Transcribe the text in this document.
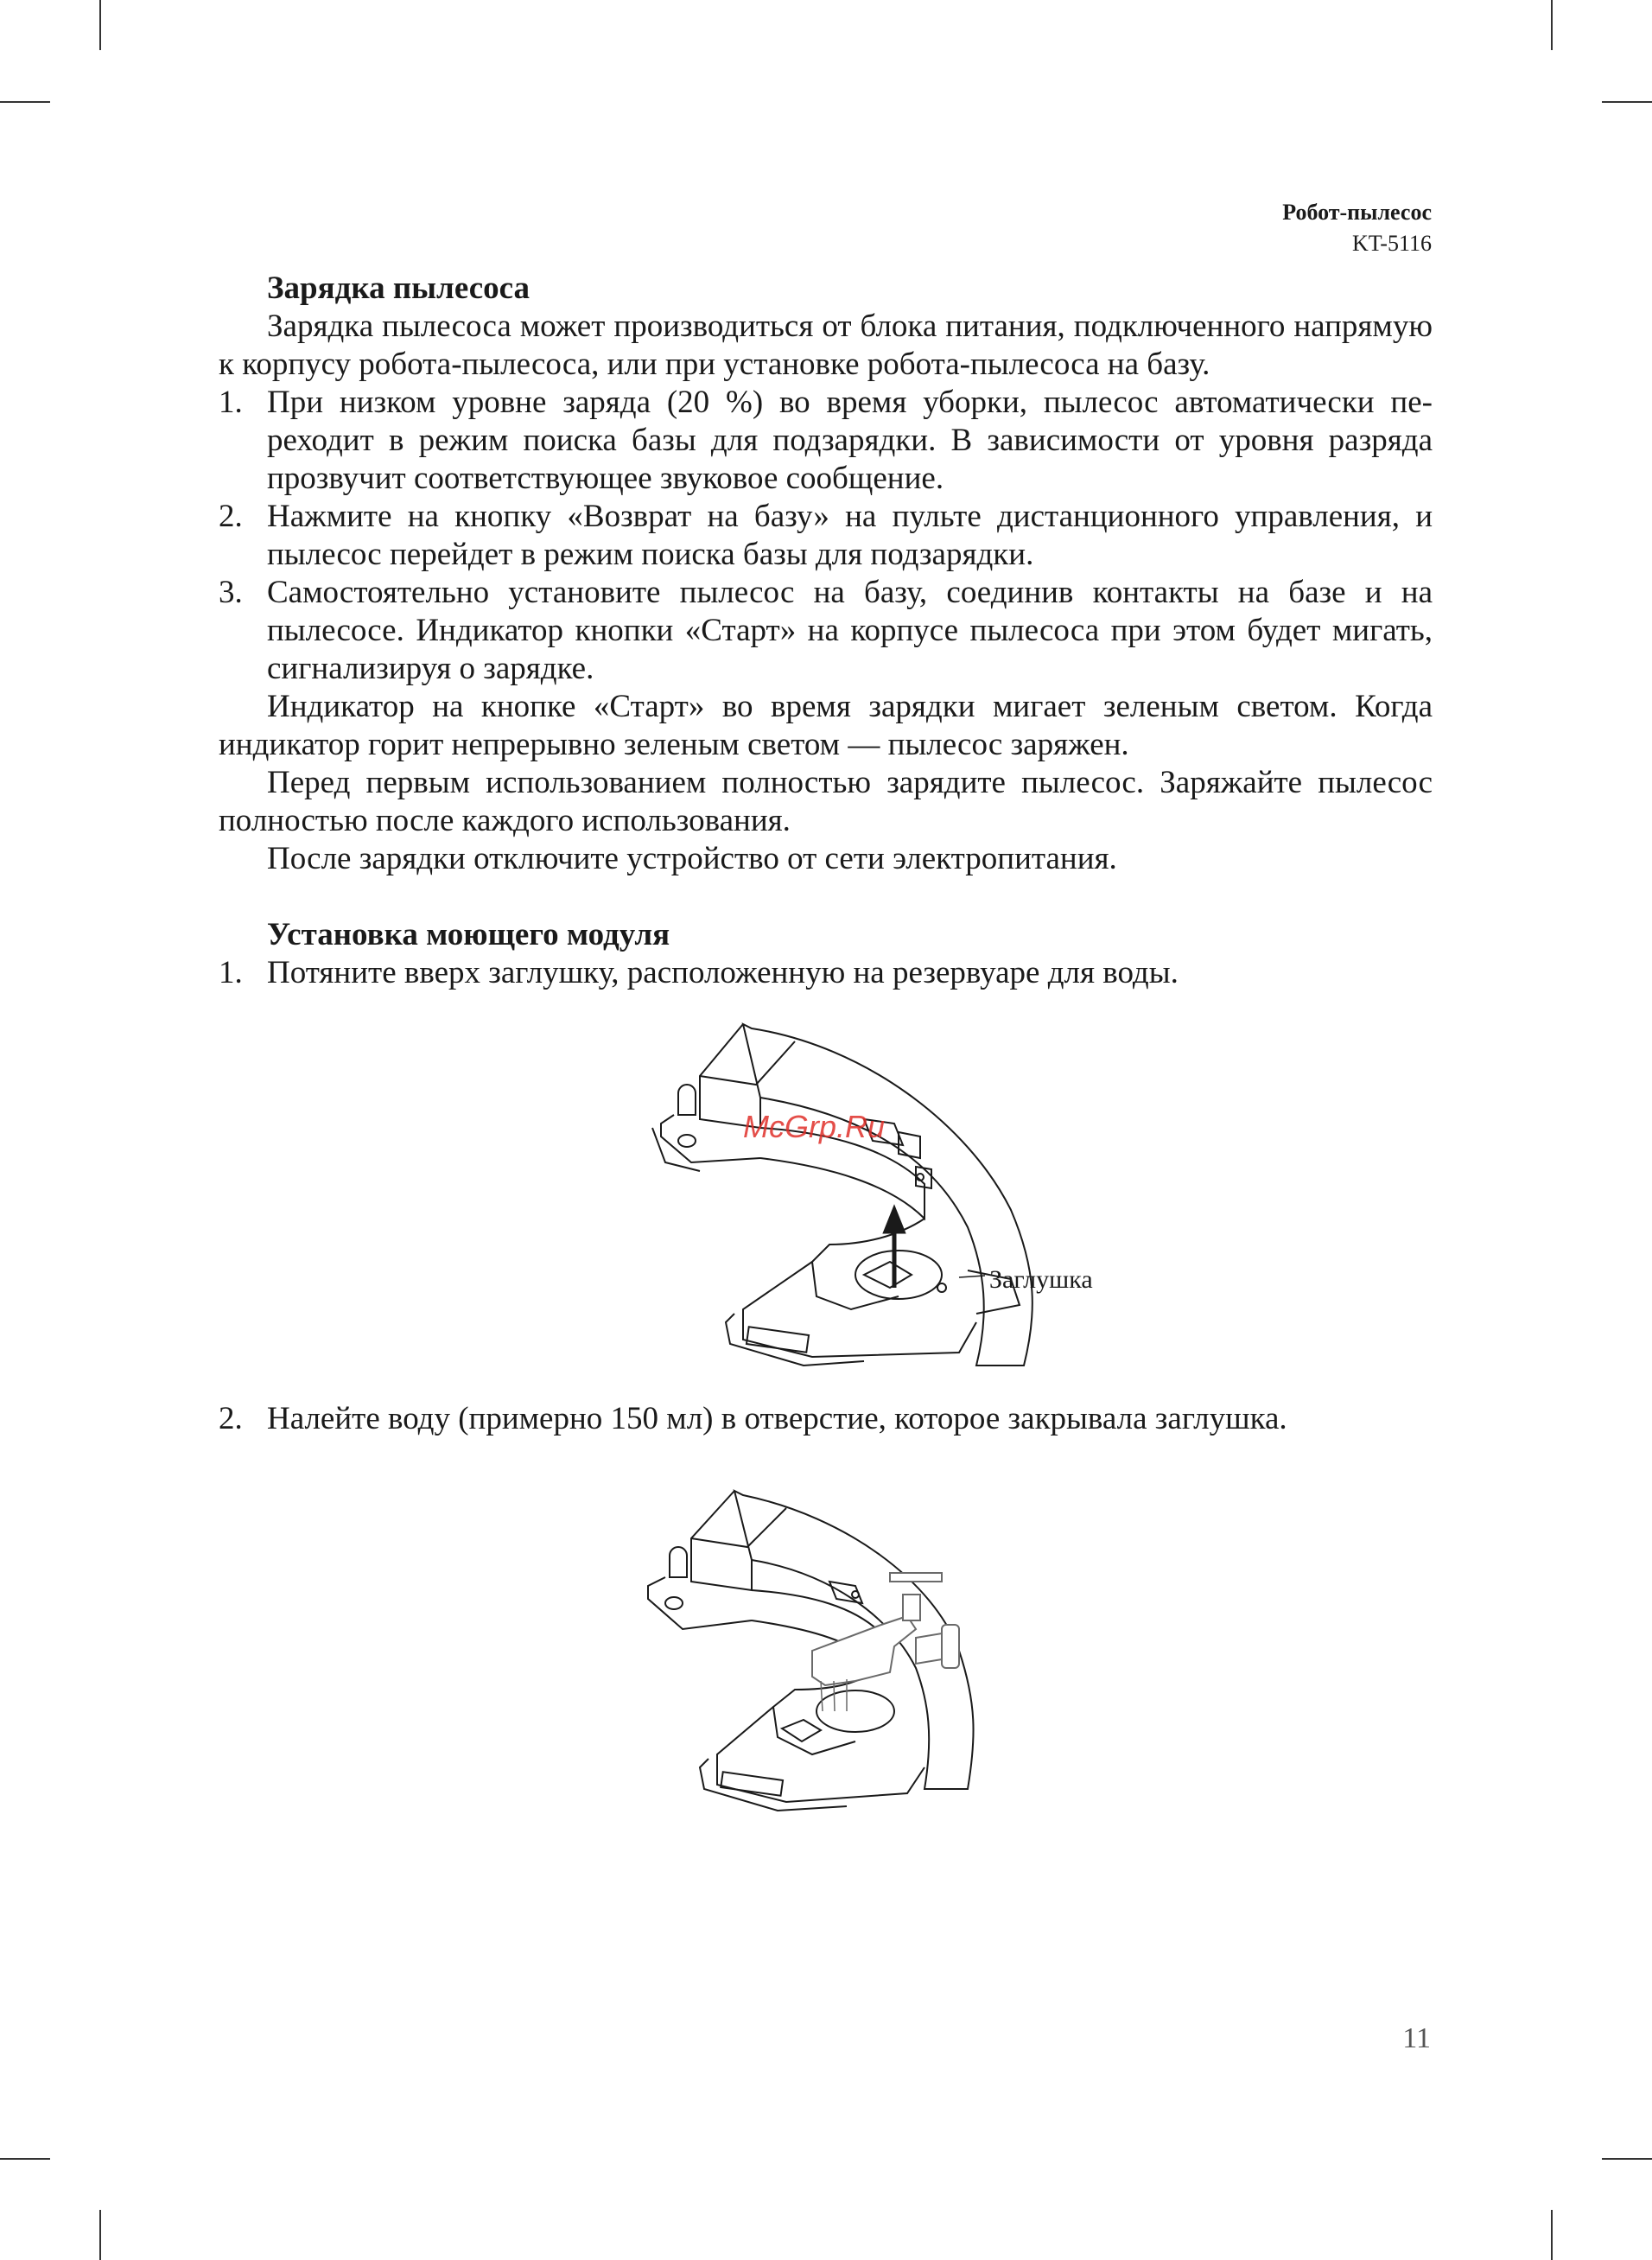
Робот-пылесос
KT-5116

Зарядка пылесоса

Зарядка пылесоса может производиться от блока питания, подключенного напрямую к корпусу робота-пылесоса, или при установке робота-пылесоса на базу.

1. При низком уровне заряда (20 %) во время уборки, пылесос автоматически переходит в режим поиска базы для подзарядки. В зависимости от уровня разряда прозвучит соответствующее звуковое сообщение.
2. Нажмите на кнопку «Возврат на базу» на пульте дистанционного управления, и пылесос перейдет в режим поиска базы для подзарядки.
3. Самостоятельно установите пылесос на базу, соединив контакты на базе и на пылесосе. Индикатор кнопки «Старт» на корпусе пылесоса при этом будет мигать, сигнализируя о зарядке.

Индикатор на кнопке «Старт» во время зарядки мигает зеленым светом. Когда индикатор горит непрерывно зеленым светом — пылесос заряжен.

Перед первым использованием полностью зарядите пылесос. Заряжайте пылесос полностью после каждого использования.

После зарядки отключите устройство от сети электропитания.

Установка моющего модуля

1. Потяните вверх заглушку, расположенную на резервуаре для воды.
Заглушка
McGrp.Ru
2. Налейте воду (примерно 150 мл) в отверстие, которое закрывала заглушка.
11
